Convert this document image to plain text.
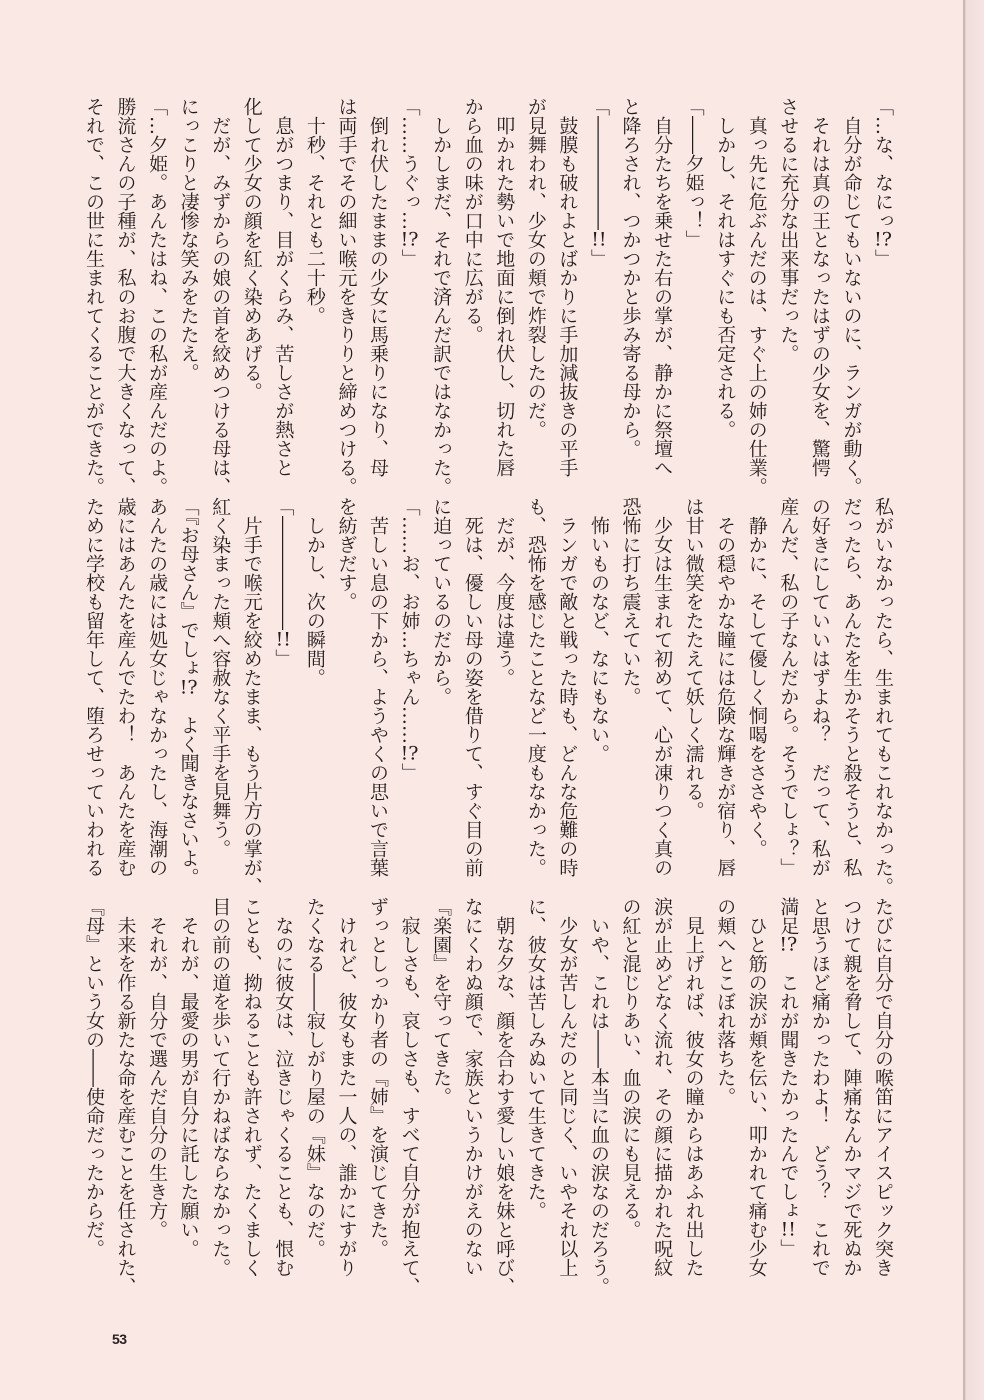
「…な、なにっ!?」

自分が命じてもいないのに、ランガが動く。

それは真の王となったはずの少女を、驚愕

させるに充分な出来事だった。

真っ先に危ぶんだのは、すぐ上の姉の仕業。

しかし、それはすぐにも否定される。

「――夕姫っ！」

自分たちを乗せた右の掌が、静かに祭壇へ

と降ろされ、つかつかと歩み寄る母から。

「――――――!!」

鼓膜も破れよとばかりに手加減抜きの平手

が見舞われ、少女の頬で炸裂したのだ。

叩かれた勢いで地面に倒れ伏し、切れた唇

から血の味が口中に広がる。

しかしまだ、それで済んだ訳ではなかった。

「……うぐっ…!?」

倒れ伏したままの少女に馬乗りになり、母

は両手でその細い喉元をきりりと締めつける。

十秒、それとも二十秒。

息がつまり、目がくらみ、苦しさが熱さと

化して少女の顔を紅く染めあげる。

だが、みずからの娘の首を絞めつける母は、

にっこりと凄惨な笑みをたたえ。

「…夕姫。あんたはね、この私が産んだのよ。

勝流さんの子種が、私のお腹で大きくなって、

それで、この世に生まれてくることができた。

私がいなかったら、生まれてもこれなかった。

だったら、あんたを生かそうと殺そうと、私

の好きにしていいはずよね？　だって、私が

産んだ、私の子なんだから。そうでしょ？」

静かに、そして優しく恫喝をささやく。

その穏やかな瞳には危険な輝きが宿り、唇

は甘い微笑をたたえて妖しく濡れる。

少女は生まれて初めて、心が凍りつく真の

恐怖に打ち震えていた。

怖いものなど、なにもない。

ランガで敵と戦った時も、どんな危難の時

も、恐怖を感じたことなど一度もなかった。

だが、今度は違う。

死は、優しい母の姿を借りて、すぐ目の前

に迫っているのだから。

「……お、お姉…ちゃん……!?」

苦しい息の下から、ようやくの思いで言葉

を紡ぎだす。

しかし、次の瞬間。

「――――――!!」

片手で喉元を絞めたまま、もう片方の掌が、

紅く染まった頬へ容赦なく平手を見舞う。

「『お母さん』でしょ!?　よく聞きなさいよ。

あんたの歳には処女じゃなかったし、海潮の

歳にはあんたを産んでたわ！　あんたを産む

ために学校も留年して、堕ろせっていわれる

たびに自分で自分の喉笛にアイスピック突き

つけて親を脅して、陣痛なんかマジで死ぬか

と思うほど痛かったわよ！　どう？　これで

満足!?　これが聞きたかったんでしょ!!」

ひと筋の涙が頬を伝い、叩かれて痛む少女

の頬へとこぼれ落ちた。

見上げれば、彼女の瞳からはあふれ出した

涙が止めどなく流れ、その顔に描かれた呪紋

の紅と混じりあい、血の涙にも見える。

いや、これは――本当に血の涙なのだろう。

少女が苦しんだのと同じく、いやそれ以上

に、彼女は苦しみぬいて生きてきた。

朝な夕な、顔を合わす愛しい娘を妹と呼び、

なにくわぬ顔で、家族というかけがえのない

『楽園』を守ってきた。

寂しさも、哀しさも、すべて自分が抱えて、

ずっとしっかり者の『姉』を演じてきた。

けれど、彼女もまた一人の、誰かにすがり

たくなる――寂しがり屋の『妹』なのだ。

なのに彼女は、泣きじゃくることも、恨む

ことも、拗ねることも許されず、たくましく

目の前の道を歩いて行かねばならなかった。

それが、最愛の男が自分に託した願い。

それが、自分で選んだ自分の生き方。

未来を作る新たな命を産むことを任された、

『母』という女の――使命だったからだ。

53
